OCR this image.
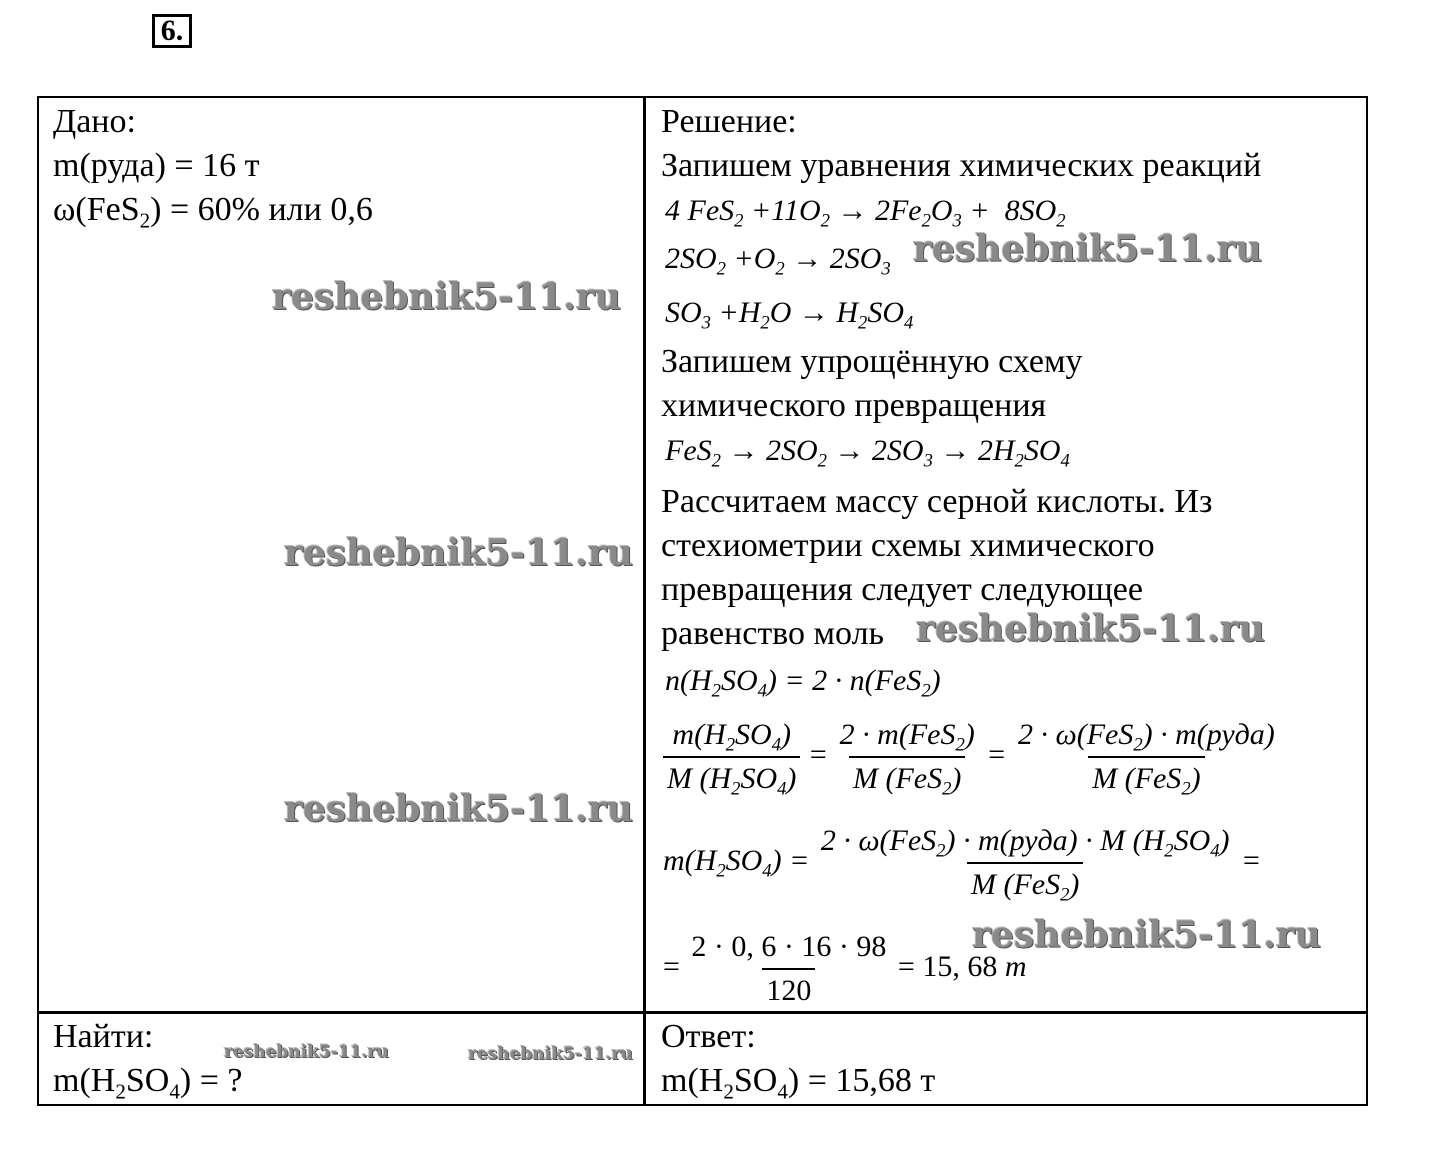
6.
Дано:
m(руда) = 16 т
ω(FeS$_2$) = 60% или 0,6
Решение:
Запишем уравнения химических реакций
4 $FeS_2 +11O_2 \to 2Fe_2O_3 + 8SO_2$
$2SO_2 +O_2 \to 2SO_3$
$SO_3 +H_2O \to H_2SO_4$
Запишем упрощённую схему
химического превращения
$FeS_2 \to 2SO_2 \to 2SO_3 \to 2H_2SO_4$
Рассчитаем массу серной кислоты. Из
стехиометрии схемы химического
превращения следует следующее
равенство моль
$n(H_2SO_4) = 2 \cdot n(FeS_2)$
$\frac{m(H_2SO_4)}{M (H_2SO_4)} = \frac{2 \cdot m(FeS_2)}{M (FeS_2)} = \frac{2 \cdot \omega(FeS_2) \cdot m(руда)}{M (FeS_2)}$
$m(H_2SO_4) = \frac{2 \cdot \omega(FeS_2) \cdot m(руда) \cdot M (H_2SO_4)}{M (FeS_2)}$ =
= $\frac{2 \cdot 0, 6 \cdot 16 \cdot 98}{120} = 15$, 68 т
Найти:
$m(H_2SO_4)$ = ?
Ответ:
$m(H_2SO_4) = 15,68$ т
reshebnik5-11.ru
reshebnik5-11.ru
reshebnik5-11.ru
reshebnik5-11.ru
reshebnik5-11.ru
reshebnik5-11.ru
reshebnik5-11.ru	reshebnik5-11.ru
